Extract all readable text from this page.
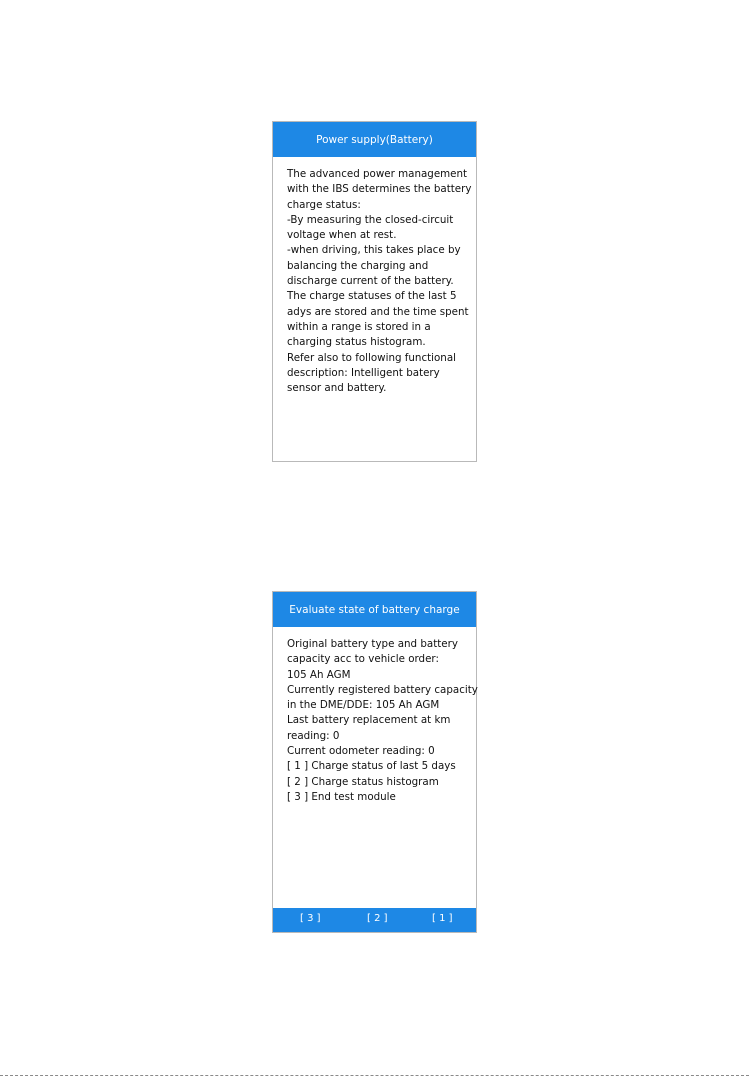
Power supply(Battery)
The advanced power management
with the IBS determines the battery
charge status:
-By measuring the closed-circuit
voltage when at rest.
-when driving, this takes place by
balancing the charging and
discharge current of the battery.
The charge statuses of the last 5
adys are stored and the time spent
within a range is stored in a
charging status histogram.
Refer also to following functional
description: Intelligent batery
sensor and battery.
Evaluate state of battery charge
Original battery type and battery
capacity acc to vehicle order:
105 Ah AGM
Currently registered battery capacity
in the DME/DDE: 105 Ah AGM
Last battery replacement at km
reading: 0
Current odometer reading: 0
[ 1 ] Charge status of last 5 days
[ 2 ] Charge status histogram
[ 3 ] End test module
[ 3 ]	[ 2 ]	[ 1 ]
